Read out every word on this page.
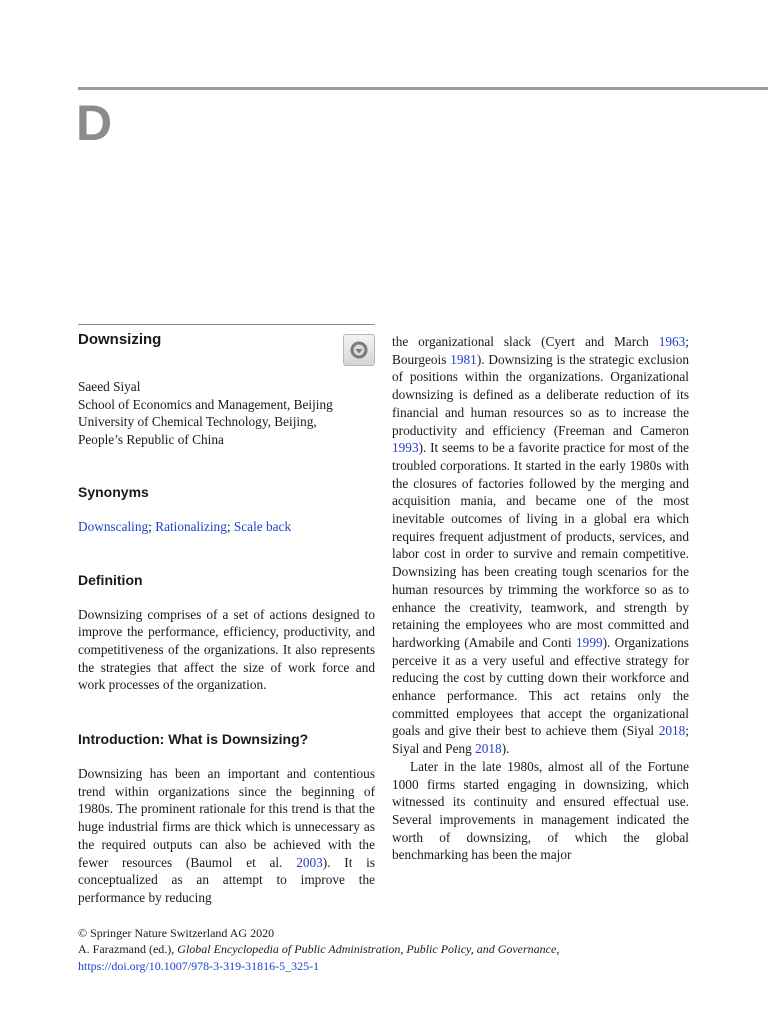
D
Downsizing
Saeed Siyal
School of Economics and Management, Beijing
University of Chemical Technology, Beijing,
People’s Republic of China
Synonyms
Downscaling; Rationalizing; Scale back
Definition

Downsizing comprises of a set of actions designed to improve the performance, efficiency, productivity, and competitiveness of the organizations. It also represents the strategies that affect the size of work force and work processes of the organization.

Introduction: What is Downsizing?

Downsizing has been an important and contentious trend within organizations since the beginning of 1980s. The prominent rationale for this trend is that the huge industrial firms are thick which is unnecessary as the required outputs can also be achieved with the fewer resources (Baumol et al. 2003). It is conceptualized as an attempt to improve the performance by reducing

the organizational slack (Cyert and March 1963; Bourgeois 1981). Downsizing is the strategic exclusion of positions within the organizations. Organizational downsizing is defined as a deliberate reduction of its financial and human resources so as to increase the productivity and efficiency (Freeman and Cameron 1993). It seems to be a favorite practice for most of the troubled corporations. It started in the early 1980s with the closures of factories followed by the merging and acquisition mania, and became one of the most inevitable outcomes of living in a global era which requires frequent adjustment of products, services, and labor cost in order to survive and remain competitive. Downsizing has been creating tough scenarios for the human resources by trimming the workforce so as to enhance the creativity, teamwork, and strength by retaining the employees who are most committed and hardworking (Amabile and Conti 1999). Organizations perceive it as a very useful and effective strategy for reducing the cost by cutting down their workforce and enhance performance. This act retains only the committed employees that accept the organizational goals and give their best to achieve them (Siyal 2018; Siyal and Peng 2018).

Later in the late 1980s, almost all of the Fortune 1000 firms started engaging in downsizing, which witnessed its continuity and ensured effectual use. Several improvements in management indicated the worth of downsizing, of which the global benchmarking has been the major

© Springer Nature Switzerland AG 2020
A. Farazmand (ed.), Global Encyclopedia of Public Administration, Public Policy, and Governance,
https://doi.org/10.1007/978-3-319-31816-5_325-1
